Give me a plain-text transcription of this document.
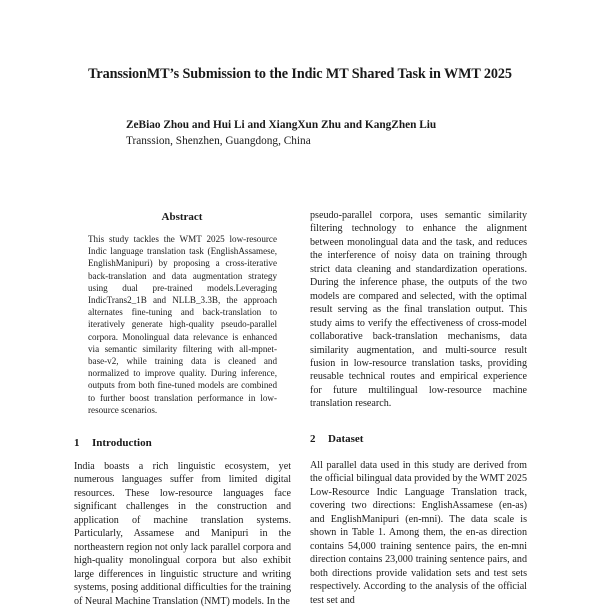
TranssionMT’s Submission to the Indic MT Shared Task in WMT 2025
ZeBiao Zhou and Hui Li and XiangXun Zhu and KangZhen Liu
Transsion, Shenzhen, Guangdong, China
Abstract
This study tackles the WMT 2025 low-resource Indic language translation task (EnglishAssamese, EnglishManipuri) by proposing a cross-iterative back-translation and data augmentation strategy using dual pre-trained models.Leveraging IndicTrans2_1B and NLLB_3.3B, the approach alternates fine-tuning and back-translation to iteratively generate high-quality pseudo-parallel corpora. Monolingual data relevance is enhanced via semantic similarity filtering with all-mpnet-base-v2, while training data is cleaned and normalized to improve quality. During inference, outputs from both fine-tuned models are combined to further boost translation performance in low-resource scenarios.
1 Introduction
India boasts a rich linguistic ecosystem, yet numerous languages suffer from limited digital resources. These low-resource languages face significant challenges in the construction and application of machine translation systems. Particularly, Assamese and Manipuri in the northeastern region not only lack parallel corpora and high-quality monolingual corpora but also exhibit large differences in linguistic structure and writing systems, posing additional difficulties for the training of Neural Machine Translation (NMT) models. In the
pseudo-parallel corpora, uses semantic similarity filtering technology to enhance the alignment between monolingual data and the task, and reduces the interference of noisy data on training through strict data cleaning and standardization operations. During the inference phase, the outputs of the two models are compared and selected, with the optimal result serving as the final translation output. This study aims to verify the effectiveness of cross-model collaborative back-translation mechanisms, data similarity augmentation, and multi-source result fusion in low-resource translation tasks, providing reusable technical routes and empirical experience for future multilingual low-resource machine translation research.
2 Dataset
All parallel data used in this study are derived from the official bilingual data provided by the WMT 2025 Low-Resource Indic Language Translation track, covering two directions: EnglishAssamese (en-as) and EnglishManipuri (en-mni). The data scale is shown in Table 1. Among them, the en-as direction contains 54,000 training sentence pairs, the en-mni direction contains 23,000 training sentence pairs, and both directions provide validation sets and test sets respectively. According to the analysis of the official test set and
